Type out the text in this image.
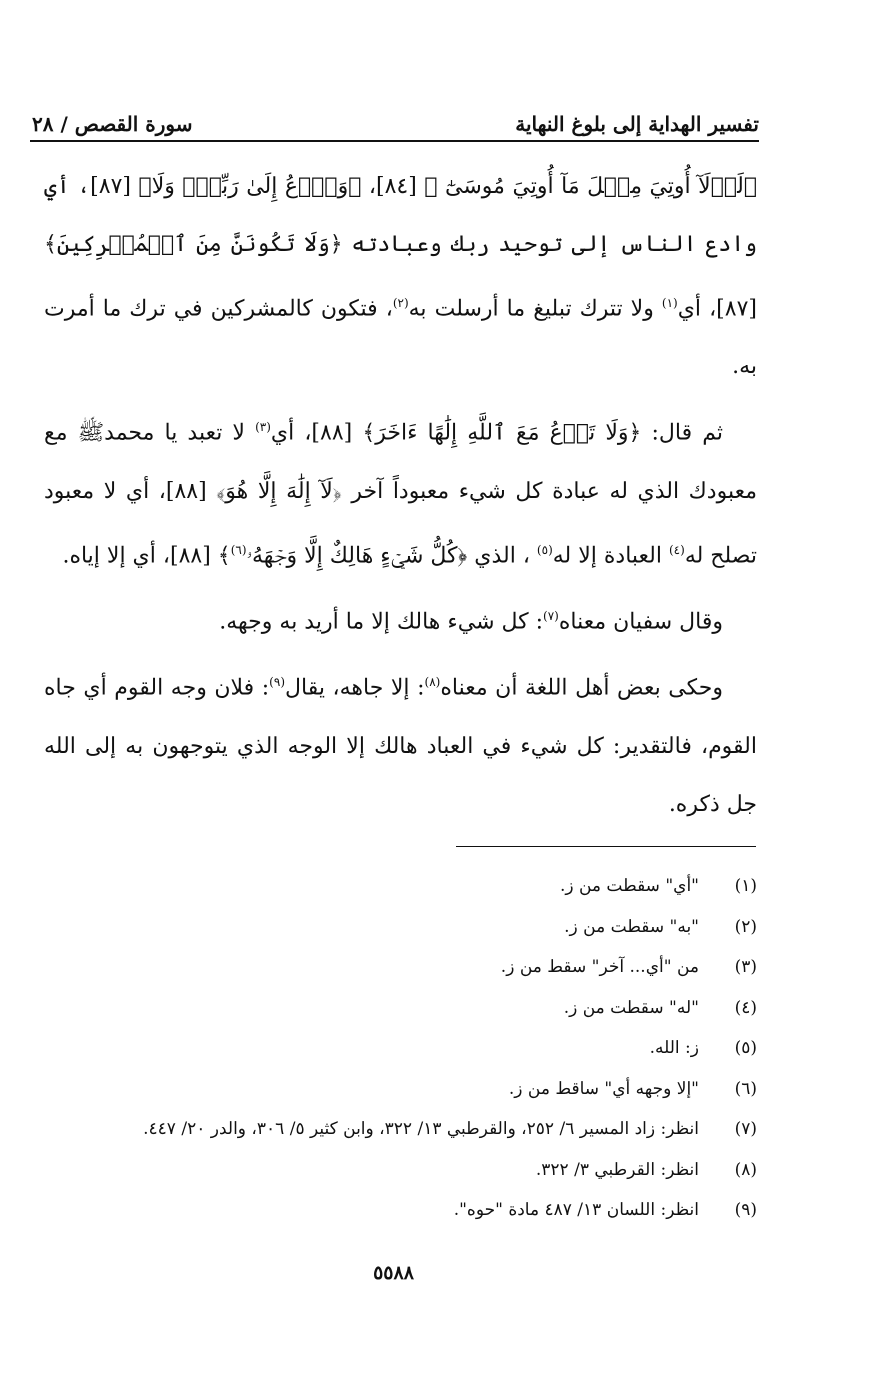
تفسير الهداية إلى بلوغ النهاية
سورة القصص / ٢٨

﴿لَوۡلَآ أُوتِيَ مِثۡلَ مَآ أُوتِيَ مُوسَىٰٓ ﴾ [٨٤]، ﴿وَٱدۡعُ إِلَىٰ رَبِّكَۖ وَلَا﴾ [٨٧]، أي وادع الناس إلى توحيد ربك وعبادته ﴿وَلَا تَكُونَنَّ مِنَ ٱلۡمُشۡرِكِينَ﴾ [٨٧]، أي$^{(١)}$ ولا تترك تبليغ ما أرسلت به$^{(٢)}$، فتكون كالمشركين في ترك ما أمرت به.

ثم قال: ﴿وَلَا تَدۡعُ مَعَ ٱللَّهِ إِلَٰهًا ءَاخَرَ﴾ [٨٨]، أي$^{(٣)}$ لا تعبد يا محمدﷺ مع معبودك الذي له عبادة كل شيء معبوداً آخر ﴿لَآ إِلَٰهَ إِلَّا هُوَ﴾ [٨٨]، أي لا معبود تصلح له$^{(٤)}$ العبادة إلا له$^{(٥)}$ ، الذي ﴿كُلُّ شَيۡءٍ هَالِكٌ إِلَّا وَجۡهَهُۥ$^{(٦)}$﴾ [٨٨]، أي إلا إياه.

وقال سفيان معناه$^{(٧)}$: كل شيء هالك إلا ما أريد به وجهه.

وحكى بعض أهل اللغة أن معناه$^{(٨)}$: إلا جاهه، يقال$^{(٩)}$: فلان وجه القوم أي جاه القوم، فالتقدير: كل شيء في العباد هالك إلا الوجه الذي يتوجهون به إلى الله جل ذكره.

(١)
"أي" سقطت من ز.
(٢)
"به" سقطت من ز.
(٣)
من "أي... آخر" سقط من ز.
(٤)
"له" سقطت من ز.
(٥)
ز: الله.
(٦)
"إلا وجهه أي" ساقط من ز.
(٧)
انظر: زاد المسير ٦/ ٢٥٢، والقرطبي ١٣/ ٣٢٢، وابن كثير ٥/ ٣٠٦، والدر ٢٠/ ٤٤٧.
(٨)
انظر: القرطبي ٣/ ٣٢٢.
(٩)
انظر: اللسان ١٣/ ٤٨٧ مادة "حوه".
٥٥٨٨
